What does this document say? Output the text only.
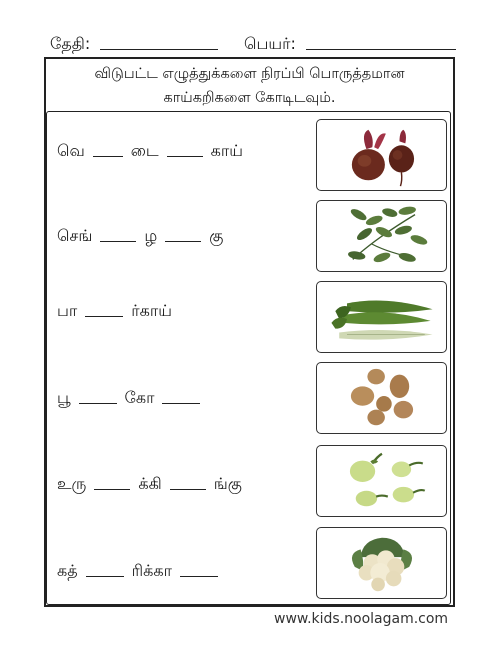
தேதி:	பெயர்:
விடுபட்ட எழுத்துக்களை நிரப்பி பொருத்தமான
காய்கறிகளை கோடிடவும்.
வெ	டை	காய்
செங்	ழ	கு
பா	ர்காய்
பூ	கோ
உரு	க்கி	ங்கு
கத்	ரிக்கா
www.kids.noolagam.com
